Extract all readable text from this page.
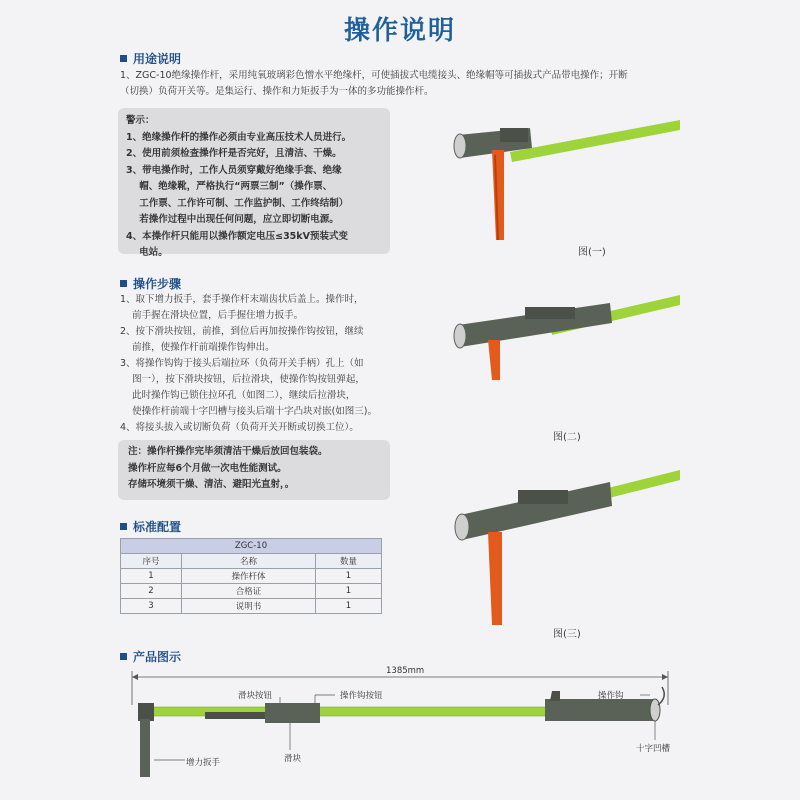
操作说明
用途说明
1、ZGC-10绝缘操作杆，采用纯氧玻璃彩色憎水平绝缘杆，可使插拔式电缆接头、绝缘帽等可插拔式产品带电操作；开断
（切换）负荷开关等。是集运行、操作和力矩扳手为一体的多功能操作杆。
警示：
1、绝缘操作杆的操作必须由专业高压技术人员进行。
2、使用前须检查操作杆是否完好，且清洁、干燥。
3、带电操作时，工作人员须穿戴好绝缘手套、绝缘
帽、绝缘靴，严格执行“两票三制”（操作票、
工作票、工作许可制、工作监护制、工作终结制）
若操作过程中出现任何问题，应立即切断电源。
4、本操作杆只能用以操作额定电压≤35kV预装式变
电站。	图(一)
操作步骤
1、取下增力扳手，套手操作杆末端齿状后盖上。操作时，
前手握在滑块位置，后手握住增力扳手。
2、按下滑块按钮，前推，到位后再加按操作钩按钮，继续
前推，使操作杆前端操作钩伸出。
3、将操作钩钩于接头后端拉环（负荷开关手柄）孔上（如
图一），按下滑块按钮，后拉滑块，使操作钩按钮弹起，
此时操作钩已锁住拉环孔（如图二），继续后拉滑块，
使操作杆前端十字凹槽与接头后端十字凸块对嵌(如图三)。
4、将接头拔入或切断负荷（负荷开关开断或切换工位）。
图(二)
注：操作杆操作完毕须清洁干燥后放回包装袋。
操作杆应每6个月做一次电性能测试。
存储环境须干燥、清洁、避阳光直射，。
图(三)
标准配置
ZGC-10		
序号	名称	数量
1	操作杆体	1
2	合格证	1
3	说明书	1
产品图示
1385mm
滑块按钮	操作钩按钮	操作钩
增力扳手	滑块
十字凹槽
